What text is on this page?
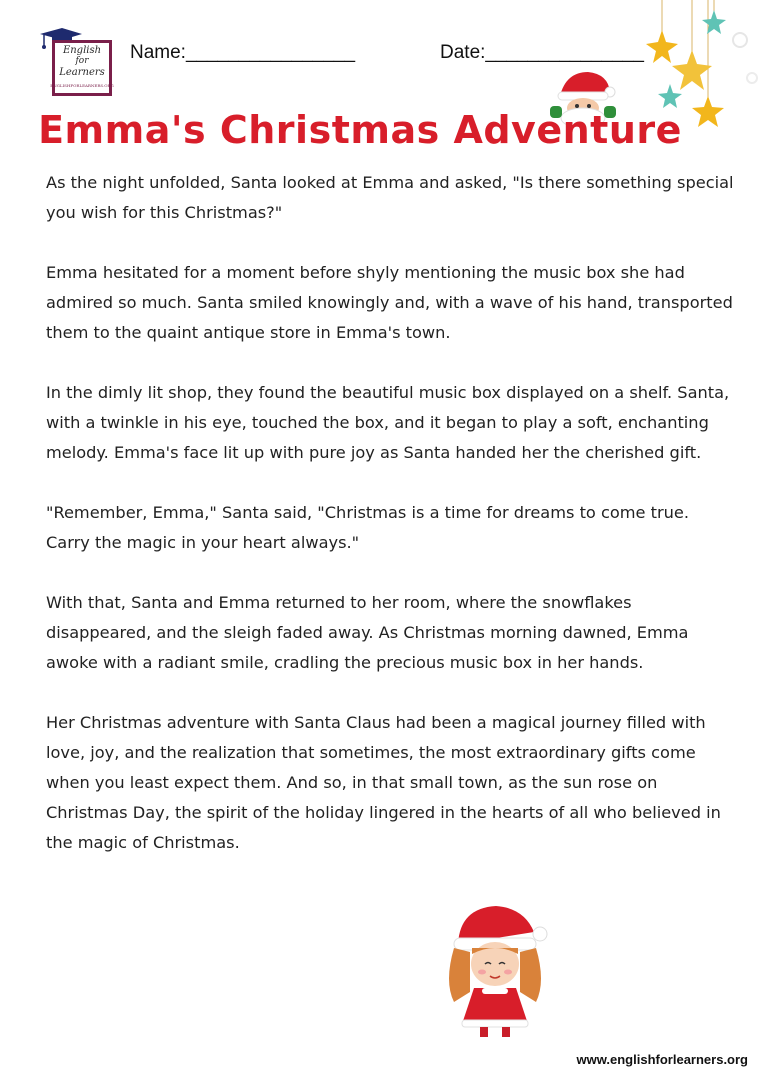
English
for
Learners
ENGLISHFORLEARNERS.ORG
Name:________________	Date:_______________
Emma's Christmas Adventure

As the night unfolded, Santa looked at Emma and asked, "Is there something special you wish for this Christmas?"

Emma hesitated for a moment before shyly mentioning the music box she had admired so much. Santa smiled knowingly and, with a wave of his hand, transported them to the quaint antique store in Emma's town.

In the dimly lit shop, they found the beautiful music box displayed on a shelf. Santa, with a twinkle in his eye, touched the box, and it began to play a soft, enchanting melody. Emma's face lit up with pure joy as Santa handed her the cherished gift.

"Remember, Emma," Santa said, "Christmas is a time for dreams to come true. Carry the magic in your heart always."

With that, Santa and Emma returned to her room, where the snowflakes disappeared, and the sleigh faded away. As Christmas morning dawned, Emma awoke with a radiant smile, cradling the precious music box in her hands.

Her Christmas adventure with Santa Claus had been a magical journey filled with love, joy, and the realization that sometimes, the most extraordinary gifts come when you least expect them. And so, in that small town, as the sun rose on Christmas Day, the spirit of the holiday lingered in the hearts of all who believed in the magic of Christmas.

www.englishforlearners.org
